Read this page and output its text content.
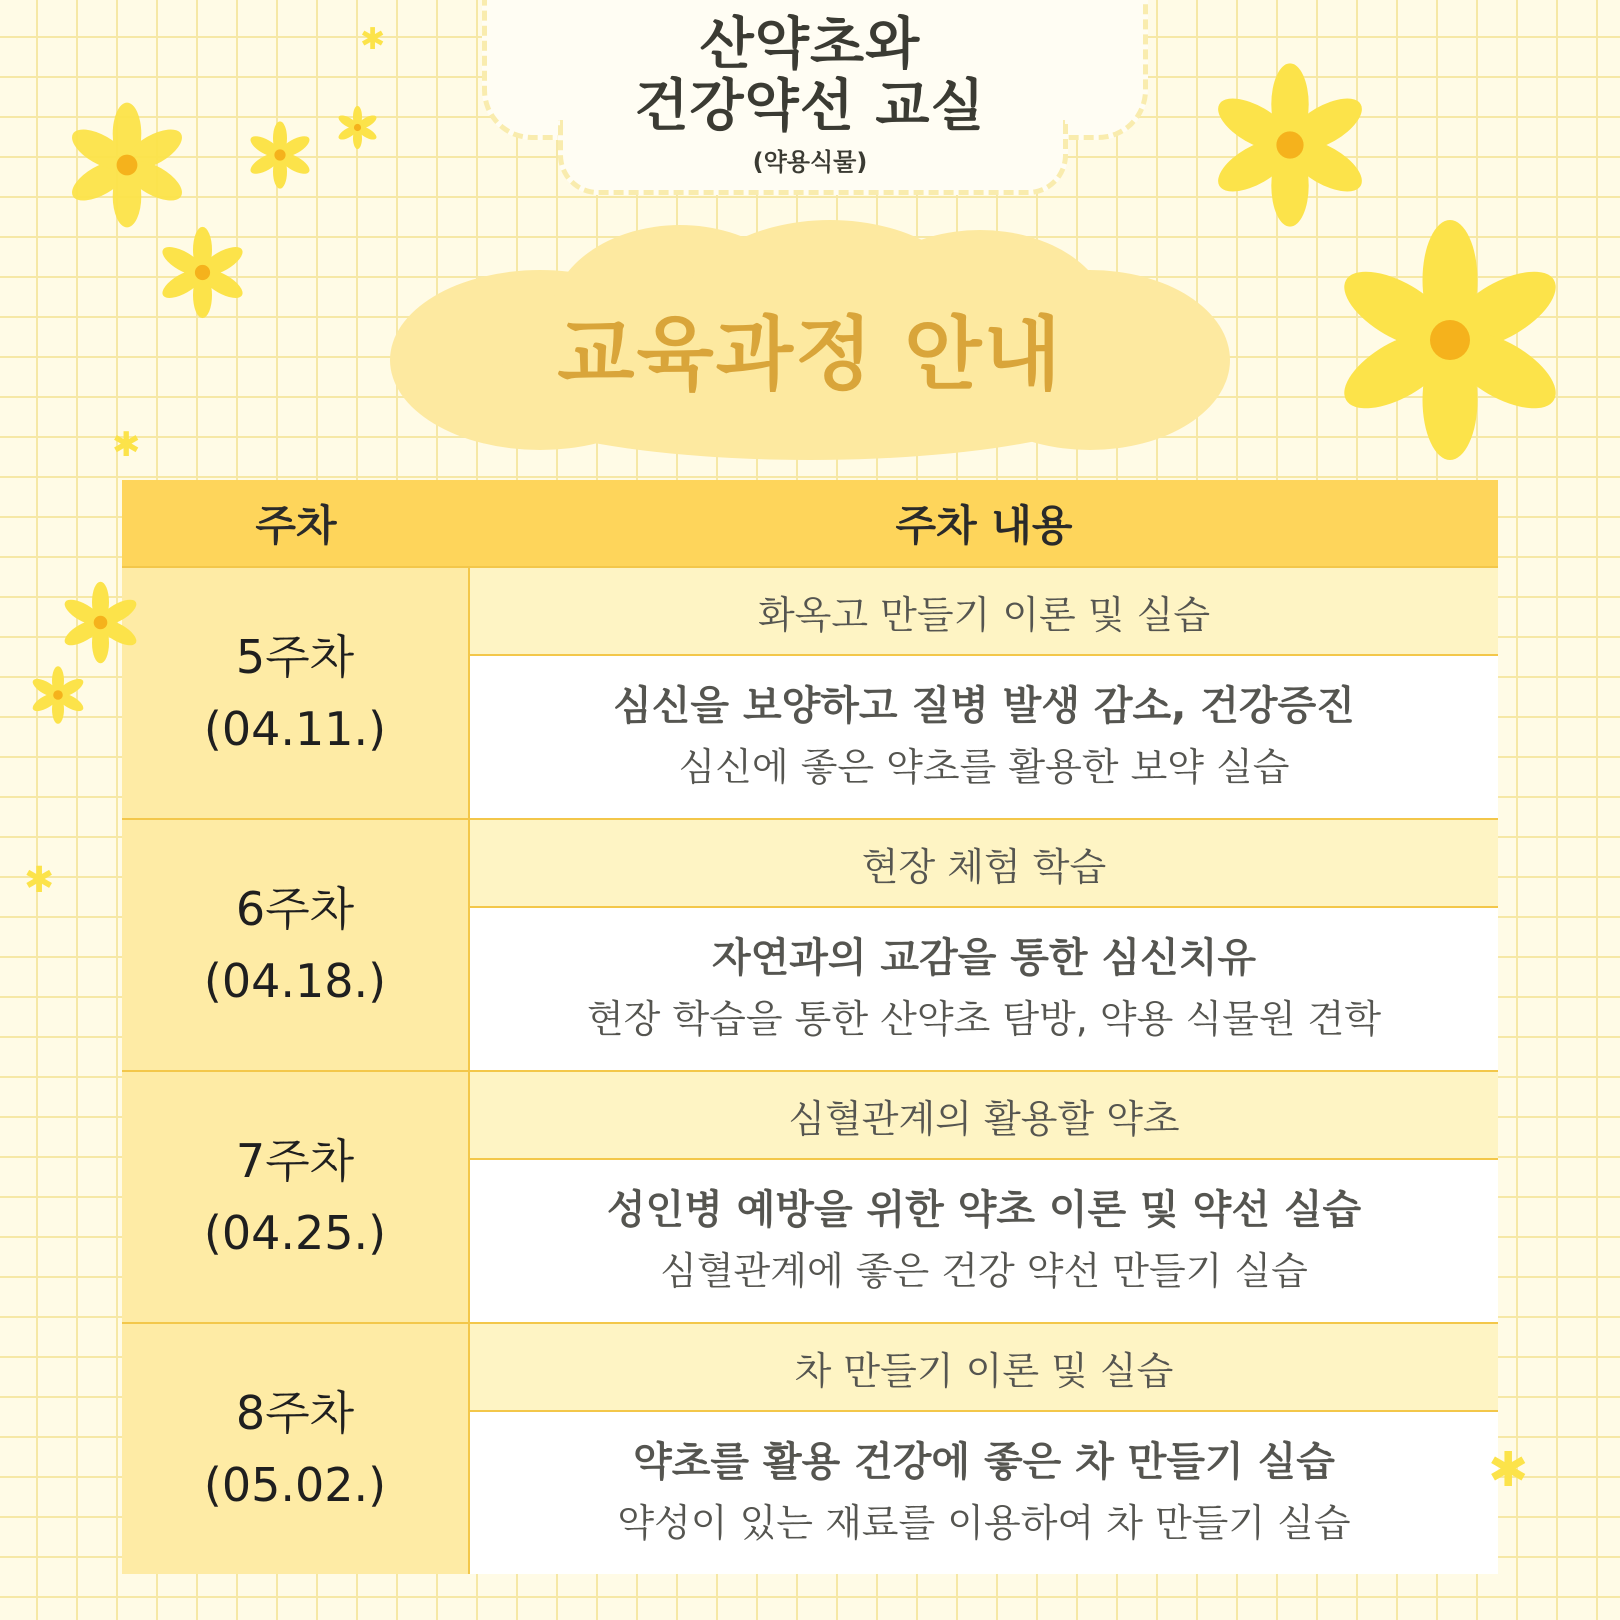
산약초와
건강약선 교실
(약용식물)
교육과정 안내
주차	주차 내용
5주차
(04.11.)
화옥고 만들기 이론 및 실습
심신을 보양하고 질병 발생 감소, 건강증진
심신에 좋은 약초를 활용한 보약 실습
6주차
(04.18.)
현장 체험 학습
자연과의 교감을 통한 심신치유
현장 학습을 통한 산약초 탐방, 약용 식물원 견학
7주차
(04.25.)
심혈관계의 활용할 약초
성인병 예방을 위한 약초 이론 및 약선 실습
심혈관계에 좋은 건강 약선 만들기 실습
8주차
(05.02.)
차 만들기 이론 및 실습
약초를 활용 건강에 좋은 차 만들기 실습
약성이 있는 재료를 이용하여 차 만들기 실습
✱
✱
✱
✱
